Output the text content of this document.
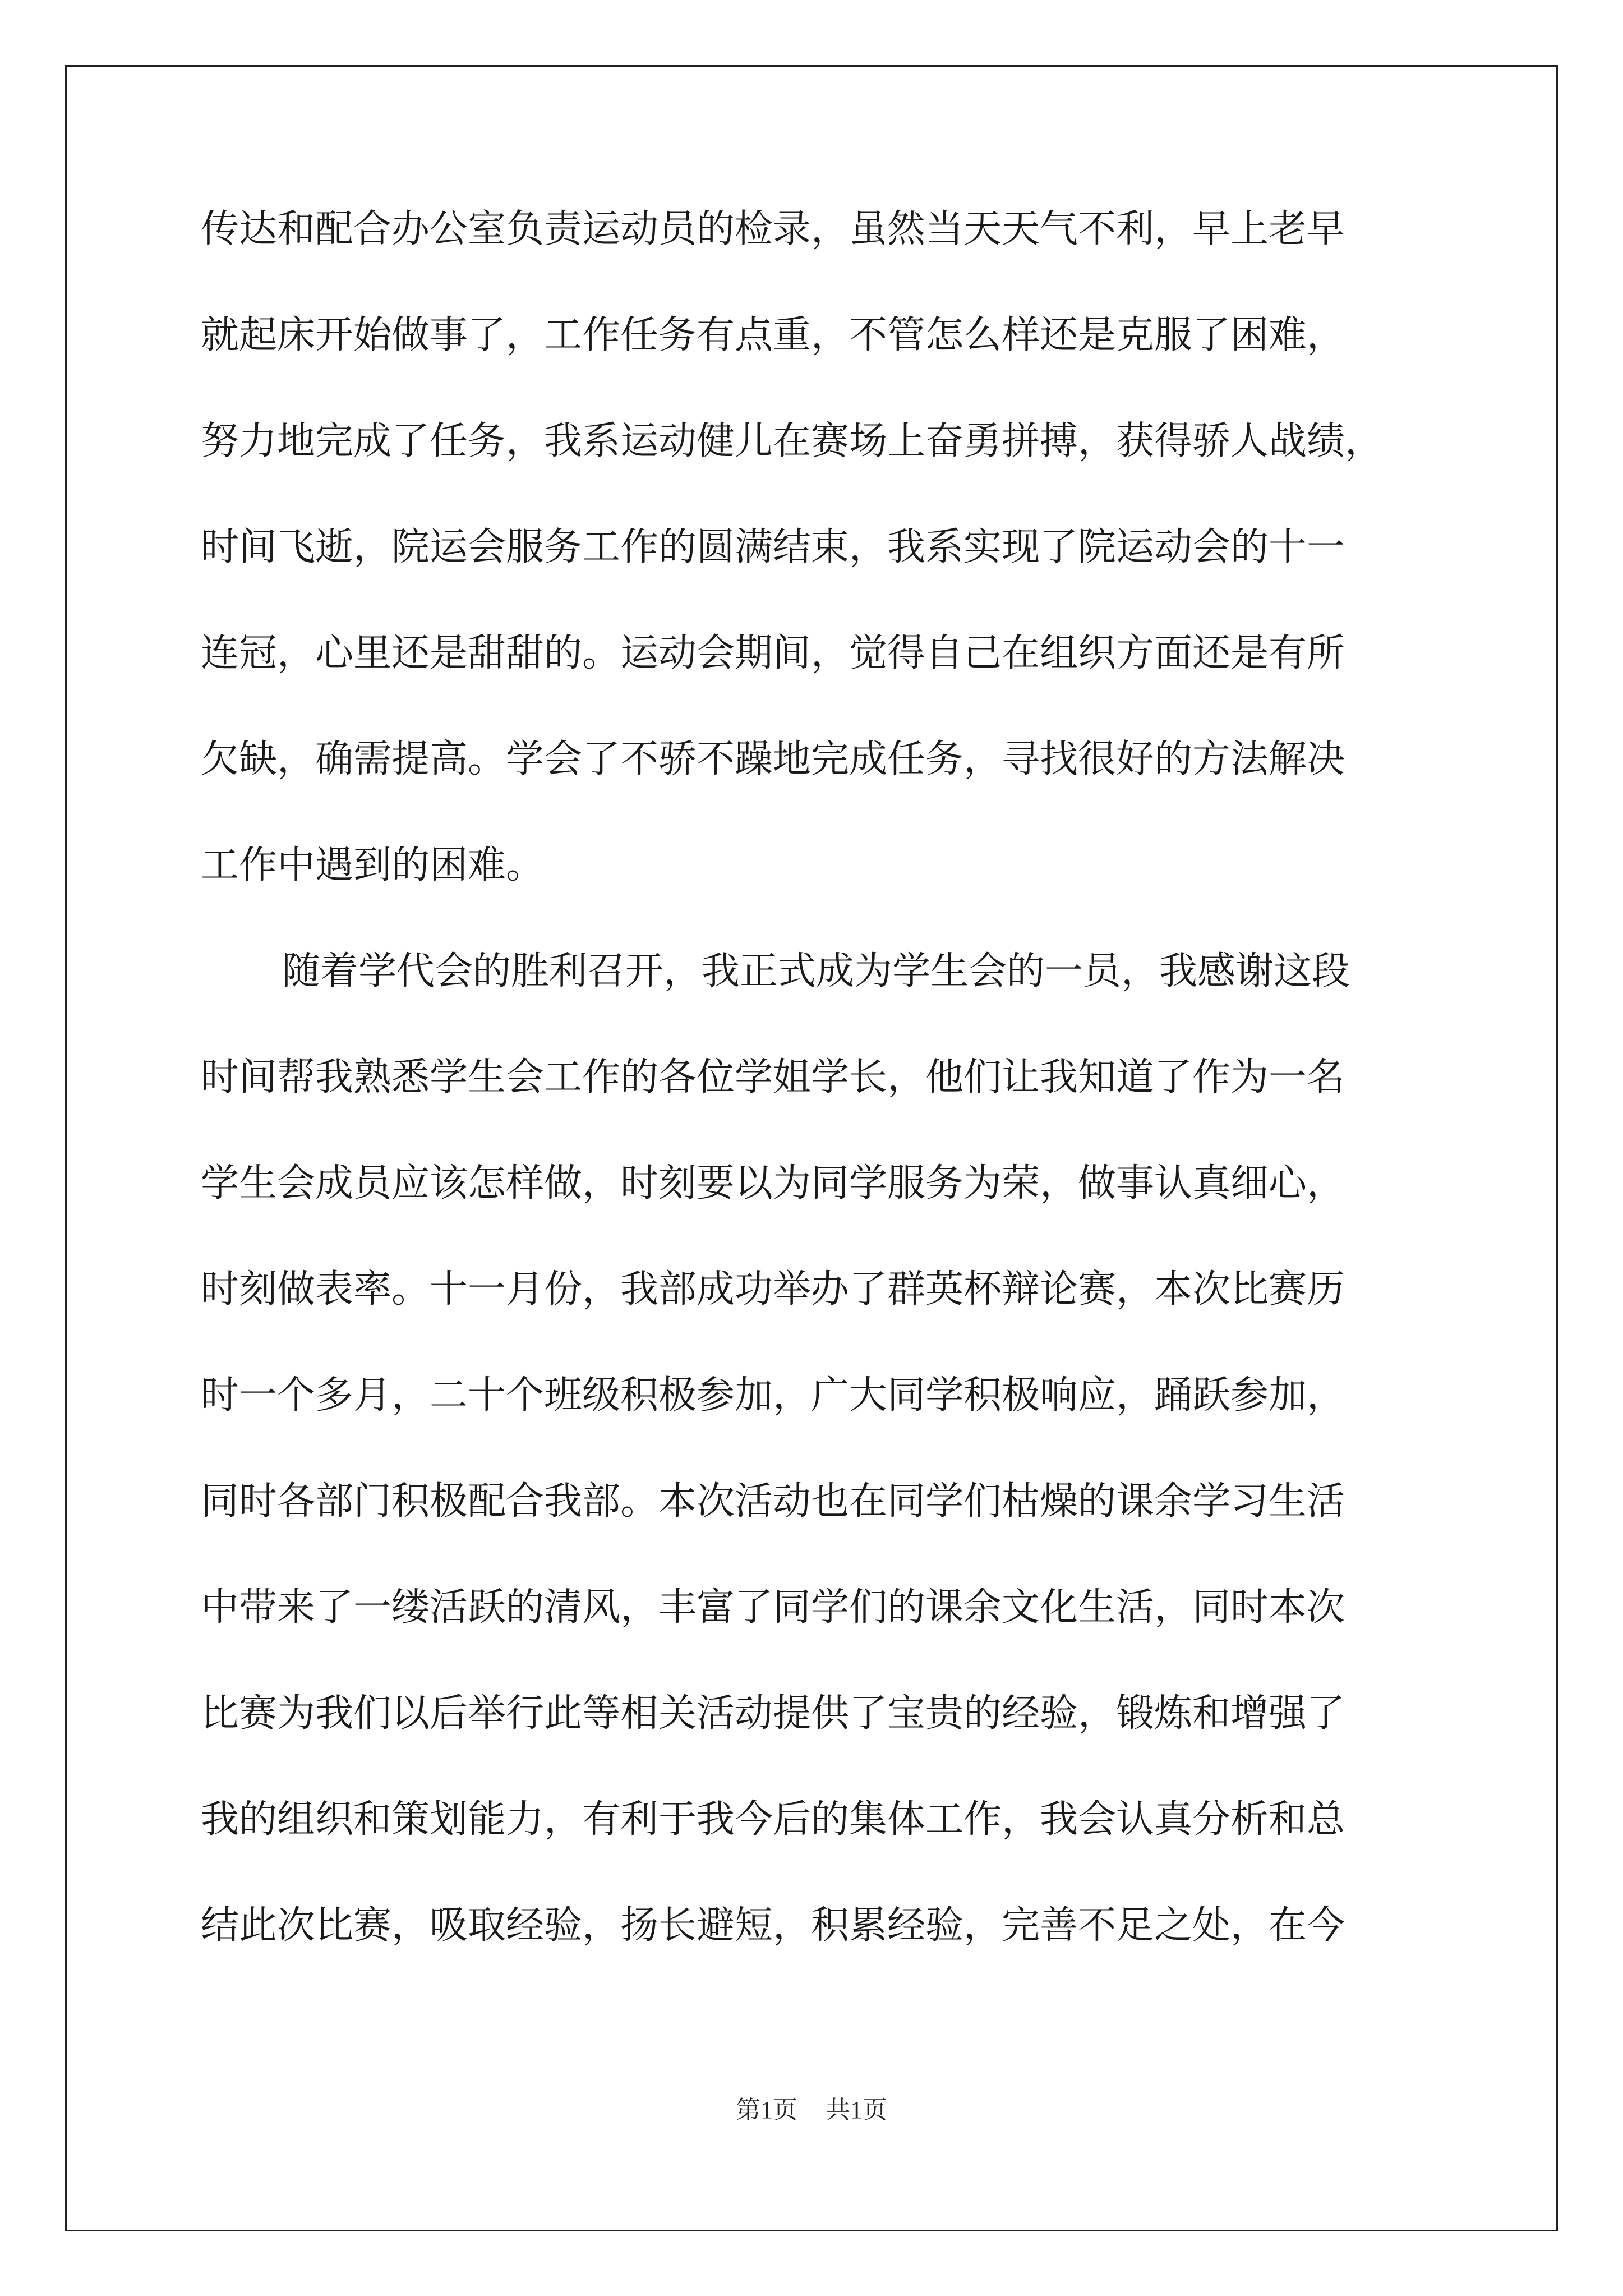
传达和配合办公室负责运动员的检录，虽然当天天气不利，早上老早
就起床开始做事了，工作任务有点重，不管怎么样还是克服了困难，
努力地完成了任务，我系运动健儿在赛场上奋勇拼搏，获得骄人战绩，
时间飞逝，院运会服务工作的圆满结束，我系实现了院运动会的十一
连冠，心里还是甜甜的。运动会期间，觉得自己在组织方面还是有所
欠缺，确需提高。学会了不骄不躁地完成任务，寻找很好的方法解决
工作中遇到的困难。
随着学代会的胜利召开，我正式成为学生会的一员，我感谢这段
时间帮我熟悉学生会工作的各位学姐学长，他们让我知道了作为一名
学生会成员应该怎样做，时刻要以为同学服务为荣，做事认真细心，
时刻做表率。十一月份，我部成功举办了群英杯辩论赛，本次比赛历
时一个多月，二十个班级积极参加，广大同学积极响应，踊跃参加，
同时各部门积极配合我部。本次活动也在同学们枯燥的课余学习生活
中带来了一缕活跃的清风，丰富了同学们的课余文化生活，同时本次
比赛为我们以后举行此等相关活动提供了宝贵的经验，锻炼和增强了
我的组织和策划能力，有利于我今后的集体工作，我会认真分析和总
结此次比赛，吸取经验，扬长避短，积累经验，完善不足之处，在今
第1页 共1页
